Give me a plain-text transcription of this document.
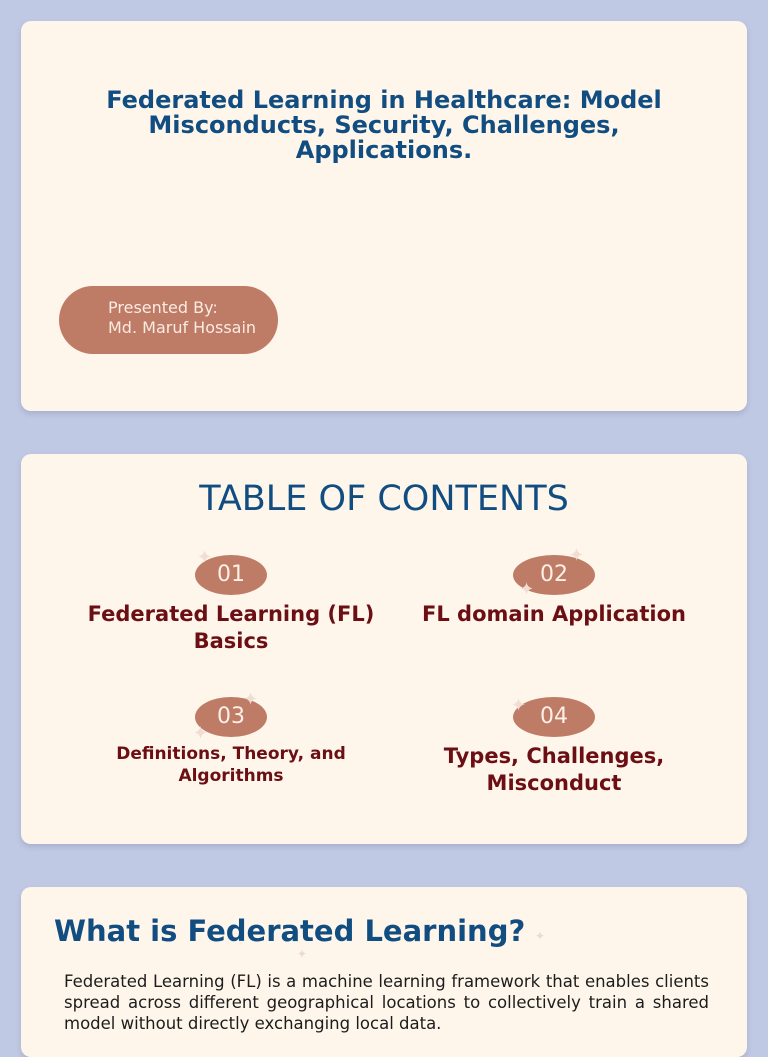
Federated Learning in Healthcare: Model Misconducts, Security, Challenges, Applications.
Presented By:
Md. Maruf Hossain
TABLE OF CONTENTS
01
✦
Federated Learning (FL) Basics
02
✦
✦
FL domain Application
03
✦
✦
Definitions, Theory, and Algorithms
04
✦
Types, Challenges, Misconduct
What is Federated Learning? ✦
✦

Federated Learning (FL) is a machine learning framework that enables clients spread across different geographical locations to collectively train a shared model without directly exchanging local data.
